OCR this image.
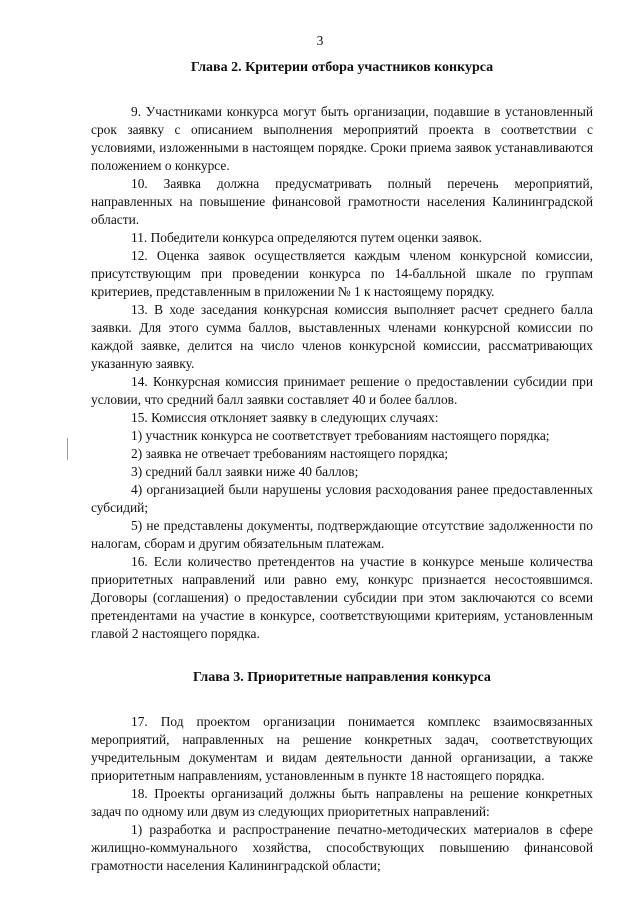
3
Глава 2. Критерии отбора участников конкурса

9. Участниками конкурса могут быть организации, подавшие в установленный срок заявку с описанием выполнения мероприятий проекта в соответствии с условиями, изложенными в настоящем порядке. Сроки приема заявок устанавливаются положением о конкурсе.

10. Заявка должна предусматривать полный перечень мероприятий, направленных на повышение финансовой грамотности населения Калининградской области.

11. Победители конкурса определяются путем оценки заявок.

12. Оценка заявок осуществляется каждым членом конкурсной комиссии, присутствующим при проведении конкурса по 14-балльной шкале по группам критериев, представленным в приложении № 1 к настоящему порядку.

13. В ходе заседания конкурсная комиссия выполняет расчет среднего балла заявки. Для этого сумма баллов, выставленных членами конкурсной комиссии по каждой заявке, делится на число членов конкурсной комиссии, рассматривающих указанную заявку.

14. Конкурсная комиссия принимает решение о предоставлении субсидии при условии, что средний балл заявки составляет 40 и более баллов.

15. Комиссия отклоняет заявку в следующих случаях:

1) участник конкурса не соответствует требованиям настоящего порядка;

2) заявка не отвечает требованиям настоящего порядка;

3) средний балл заявки ниже 40 баллов;

4) организацией были нарушены условия расходования ранее предоставленных субсидий;

5) не представлены документы, подтверждающие отсутствие задолженности по налогам, сборам и другим обязательным платежам.

16. Если количество претендентов на участие в конкурсе меньше количества приоритетных направлений или равно ему, конкурс признается несостоявшимся. Договоры (соглашения) о предоставлении субсидии при этом заключаются со всеми претендентами на участие в конкурсе, соответствующими критериям, установленным главой 2 настоящего порядка.

Глава 3. Приоритетные направления конкурса

17. Под проектом организации понимается комплекс взаимосвязанных мероприятий, направленных на решение конкретных задач, соответствующих учредительным документам и видам деятельности данной организации, а также приоритетным направлениям, установленным в пункте 18 настоящего порядка.

18. Проекты организаций должны быть направлены на решение конкретных задач по одному или двум из следующих приоритетных направлений:

1) разработка и распространение печатно-методических материалов в сфере жилищно-коммунального хозяйства, способствующих повышению финансовой грамотности населения Калининградской области;
